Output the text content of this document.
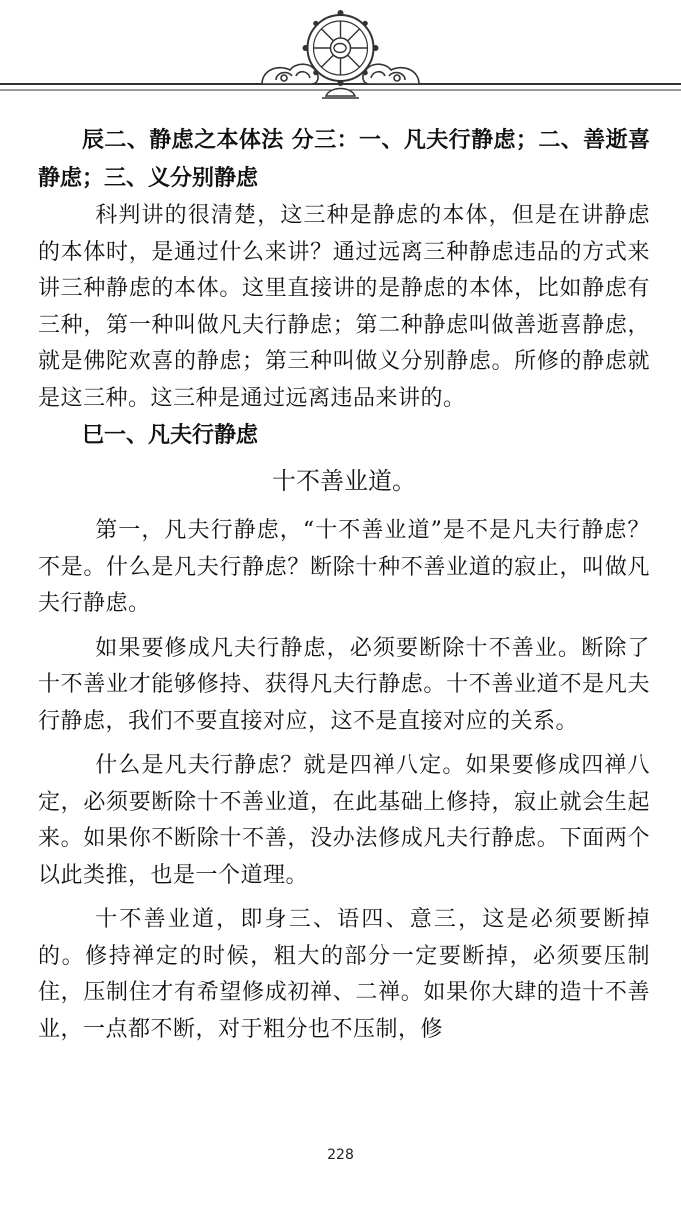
辰二、静虑之本体法 分三：一、凡夫行静虑；二、善逝喜静虑；三、义分别静虑

科判讲的很清楚，这三种是静虑的本体，但是在讲静虑的本体时，是通过什么来讲？通过远离三种静虑违品的方式来讲三种静虑的本体。这里直接讲的是静虑的本体，比如静虑有三种，第一种叫做凡夫行静虑；第二种静虑叫做善逝喜静虑，就是佛陀欢喜的静虑；第三种叫做义分别静虑。所修的静虑就是这三种。这三种是通过远离违品来讲的。

巳一、凡夫行静虑

十不善业道。

第一，凡夫行静虑，“十不善业道”是不是凡夫行静虑？不是。什么是凡夫行静虑？断除十种不善业道的寂止，叫做凡夫行静虑。

如果要修成凡夫行静虑，必须要断除十不善业。断除了十不善业才能够修持、获得凡夫行静虑。十不善业道不是凡夫行静虑，我们不要直接对应，这不是直接对应的关系。

什么是凡夫行静虑？就是四禅八定。如果要修成四禅八定，必须要断除十不善业道，在此基础上修持，寂止就会生起来。如果你不断除十不善，没办法修成凡夫行静虑。下面两个以此类推，也是一个道理。

十不善业道，即身三、语四、意三，这是必须要断掉的。修持禅定的时候，粗大的部分一定要断掉，必须要压制住，压制住才有希望修成初禅、二禅。如果你大肆的造十不善业，一点都不断，对于粗分也不压制，修

228
